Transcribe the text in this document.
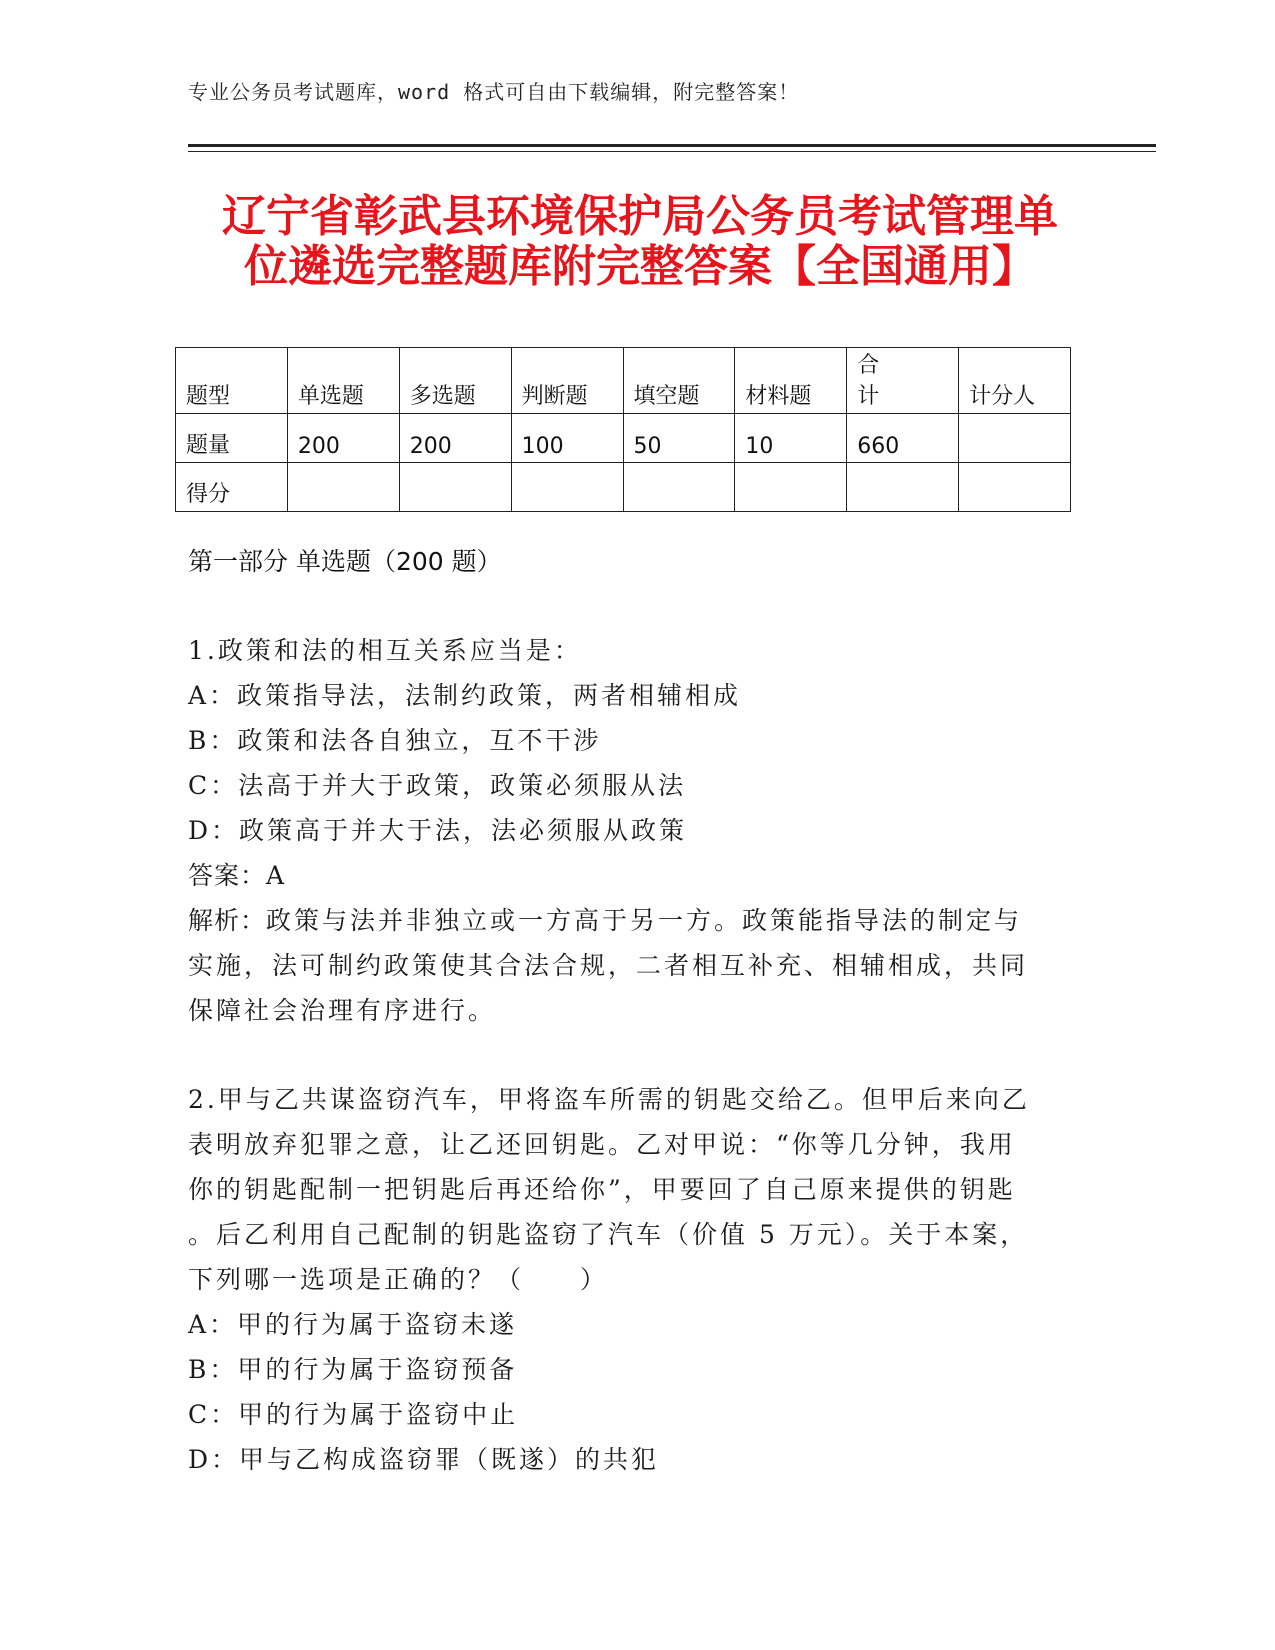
专业公务员考试题库，word 格式可自由下载编辑，附完整答案！
辽宁省彰武县环境保护局公务员考试管理单
位遴选完整题库附完整答案【全国通用】
题型	单选题	多选题	判断题	填空题	材料题	合 计	计分人
题量	200	200	100	50	10	660	
得分							
第一部分 单选题（200 题）

1.政策和法的相互关系应当是：

A：政策指导法，法制约政策，两者相辅相成

B：政策和法各自独立，互不干涉

C：法高于并大于政策，政策必须服从法

D：政策高于并大于法，法必须服从政策

答案：A

解析：政策与法并非独立或一方高于另一方。政策能指导法的制定与

实施，法可制约政策使其合法合规，二者相互补充、相辅相成，共同

保障社会治理有序进行。

2.甲与乙共谋盗窃汽车，甲将盗车所需的钥匙交给乙。但甲后来向乙

表明放弃犯罪之意，让乙还回钥匙。乙对甲说：“你等几分钟，我用

你的钥匙配制一把钥匙后再还给你”，甲要回了自己原来提供的钥匙

。后乙利用自己配制的钥匙盗窃了汽车（价值 5 万元）。关于本案，

下列哪一选项是正确的？（　　）

A：甲的行为属于盗窃未遂

B：甲的行为属于盗窃预备

C：甲的行为属于盗窃中止

D：甲与乙构成盗窃罪（既遂）的共犯
